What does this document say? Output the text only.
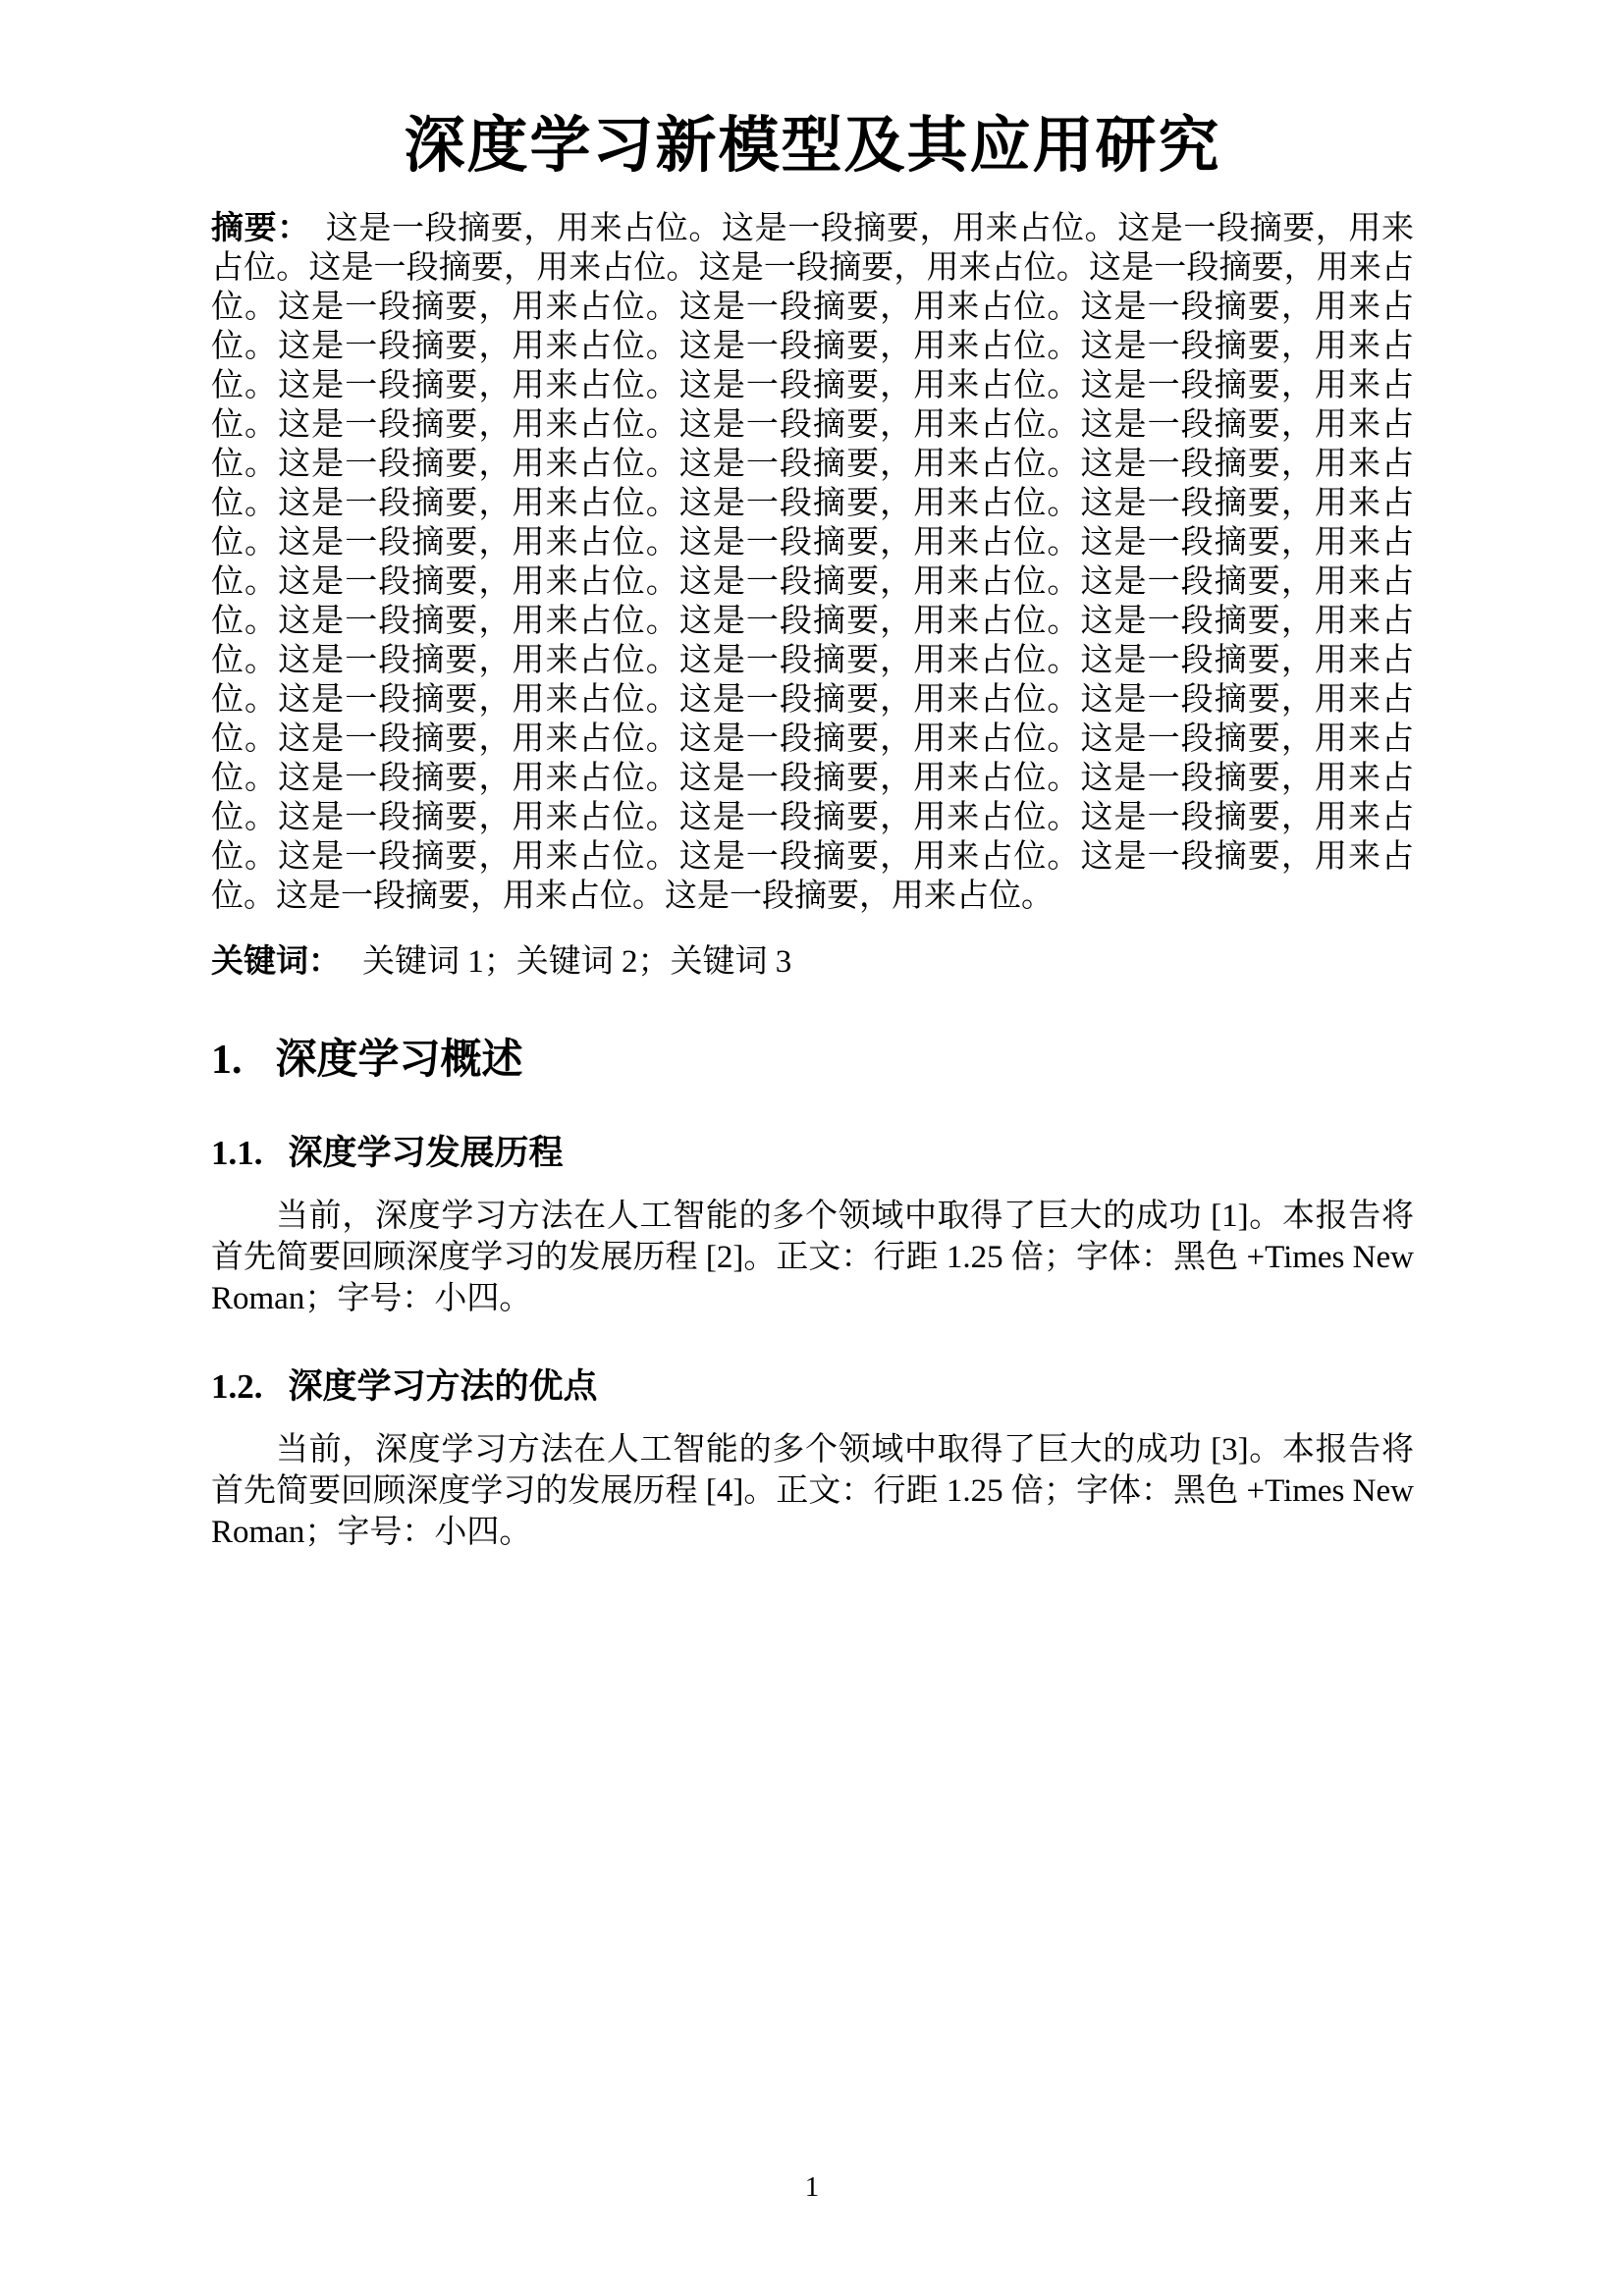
深度学习新模型及其应用研究

摘要： 这是一段摘要，用来占位。这是一段摘要，用来占位。这是一段摘要，用来占位。这是一段摘要，用来占位。这是一段摘要，用来占位。这是一段摘要，用来占位。这是一段摘要，用来占位。这是一段摘要，用来占位。这是一段摘要，用来占位。这是一段摘要，用来占位。这是一段摘要，用来占位。这是一段摘要，用来占位。这是一段摘要，用来占位。这是一段摘要，用来占位。这是一段摘要，用来占位。这是一段摘要，用来占位。这是一段摘要，用来占位。这是一段摘要，用来占位。这是一段摘要，用来占位。这是一段摘要，用来占位。这是一段摘要，用来占位。这是一段摘要，用来占位。这是一段摘要，用来占位。这是一段摘要，用来占位。这是一段摘要，用来占位。这是一段摘要，用来占位。这是一段摘要，用来占位。这是一段摘要，用来占位。这是一段摘要，用来占位。这是一段摘要，用来占位。这是一段摘要，用来占位。这是一段摘要，用来占位。这是一段摘要，用来占位。这是一段摘要，用来占位。这是一段摘要，用来占位。这是一段摘要，用来占位。这是一段摘要，用来占位。这是一段摘要，用来占位。这是一段摘要，用来占位。这是一段摘要，用来占位。这是一段摘要，用来占位。这是一段摘要，用来占位。这是一段摘要，用来占位。这是一段摘要，用来占位。这是一段摘要，用来占位。这是一段摘要，用来占位。这是一段摘要，用来占位。这是一段摘要，用来占位。这是一段摘要，用来占位。这是一段摘要，用来占位。这是一段摘要，用来占位。这是一段摘要，用来占位。这是一段摘要，用来占位。

关键词： 关键词 1；关键词 2；关键词 3

1. 深度学习概述
1.1. 深度学习发展历程

当前，深度学习方法在人工智能的多个领域中取得了巨大的成功 [1]。本报告将首先简要回顾深度学习的发展历程 [2]。正文：行距 1.25 倍；字体：黑色 +Times New Roman；字号：小四。

1.2. 深度学习方法的优点

当前，深度学习方法在人工智能的多个领域中取得了巨大的成功 [3]。本报告将首先简要回顾深度学习的发展历程 [4]。正文：行距 1.25 倍；字体：黑色 +Times New Roman；字号：小四。

1
